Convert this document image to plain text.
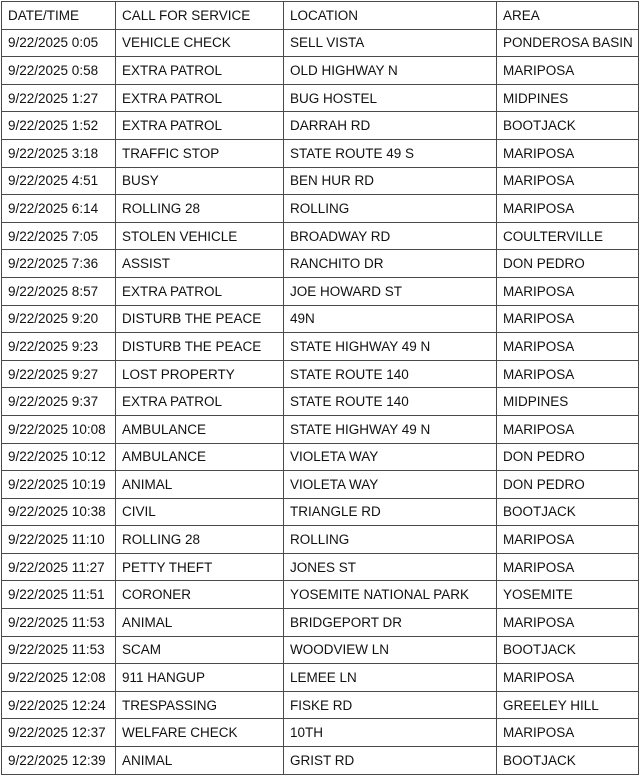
DATE/TIME	CALL FOR SERVICE	LOCATION	AREA
9/22/2025 0:05	VEHICLE CHECK	SELL VISTA	PONDEROSA BASIN
9/22/2025 0:58	EXTRA PATROL	OLD HIGHWAY N	MARIPOSA
9/22/2025 1:27	EXTRA PATROL	BUG HOSTEL	MIDPINES
9/22/2025 1:52	EXTRA PATROL	DARRAH RD	BOOTJACK
9/22/2025 3:18	TRAFFIC STOP	STATE ROUTE 49 S	MARIPOSA
9/22/2025 4:51	BUSY	BEN HUR RD	MARIPOSA
9/22/2025 6:14	ROLLING 28	ROLLING	MARIPOSA
9/22/2025 7:05	STOLEN VEHICLE	BROADWAY RD	COULTERVILLE
9/22/2025 7:36	ASSIST	RANCHITO DR	DON PEDRO
9/22/2025 8:57	EXTRA PATROL	JOE HOWARD ST	MARIPOSA
9/22/2025 9:20	DISTURB THE PEACE	49N	MARIPOSA
9/22/2025 9:23	DISTURB THE PEACE	STATE HIGHWAY 49 N	MARIPOSA
9/22/2025 9:27	LOST PROPERTY	STATE ROUTE 140	MARIPOSA
9/22/2025 9:37	EXTRA PATROL	STATE ROUTE 140	MIDPINES
9/22/2025 10:08	AMBULANCE	STATE HIGHWAY 49 N	MARIPOSA
9/22/2025 10:12	AMBULANCE	VIOLETA WAY	DON PEDRO
9/22/2025 10:19	ANIMAL	VIOLETA WAY	DON PEDRO
9/22/2025 10:38	CIVIL	TRIANGLE RD	BOOTJACK
9/22/2025 11:10	ROLLING 28	ROLLING	MARIPOSA
9/22/2025 11:27	PETTY THEFT	JONES ST	MARIPOSA
9/22/2025 11:51	CORONER	YOSEMITE NATIONAL PARK	YOSEMITE
9/22/2025 11:53	ANIMAL	BRIDGEPORT DR	MARIPOSA
9/22/2025 11:53	SCAM	WOODVIEW LN	BOOTJACK
9/22/2025 12:08	911 HANGUP	LEMEE LN	MARIPOSA
9/22/2025 12:24	TRESPASSING	FISKE RD	GREELEY HILL
9/22/2025 12:37	WELFARE CHECK	10TH	MARIPOSA
9/22/2025 12:39	ANIMAL	GRIST RD	BOOTJACK
